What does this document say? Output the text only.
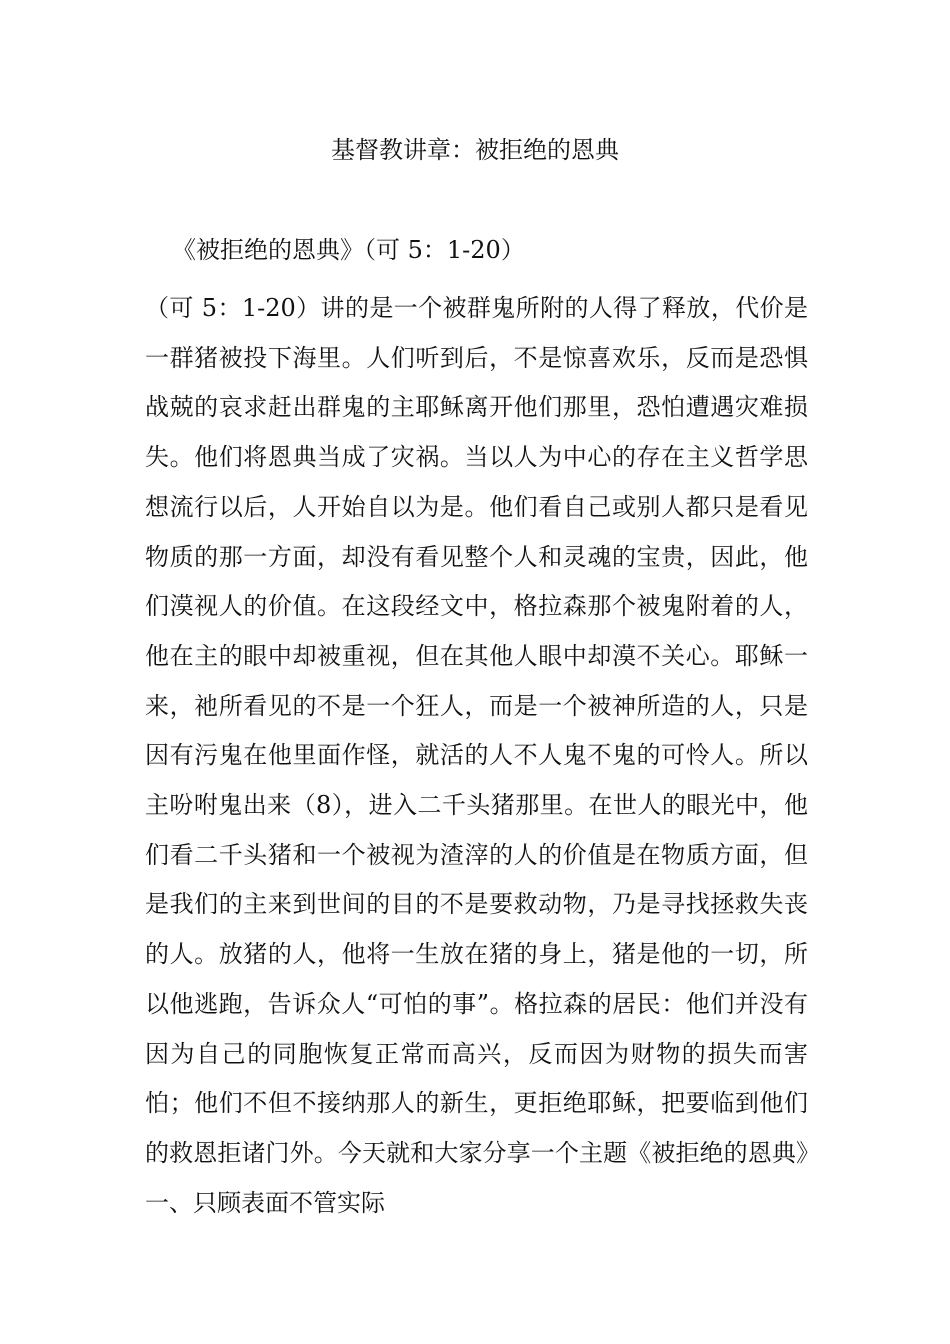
基督教讲章：被拒绝的恩典

《被拒绝的恩典》（可 5：1-20）

（可 5：1-20）讲的是一个被群鬼所附的人得了释放，代价是一群猪被投下海里。人们听到后，不是惊喜欢乐，反而是恐惧战兢的哀求赶出群鬼的主耶稣离开他们那里，恐怕遭遇灾难损失。他们将恩典当成了灾祸。当以人为中心的存在主义哲学思想流行以后，人开始自以为是。他们看自己或别人都只是看见物质的那一方面，却没有看见整个人和灵魂的宝贵，因此，他们漠视人的价值。在这段经文中，格拉森那个被鬼附着的人，他在主的眼中却被重视，但在其他人眼中却漠不关心。耶稣一来，祂所看见的不是一个狂人，而是一个被神所造的人，只是因有污鬼在他里面作怪，就活的人不人鬼不鬼的可怜人。所以主吩咐鬼出来（8），进入二千头猪那里。在世人的眼光中，他们看二千头猪和一个被视为渣滓的人的价值是在物质方面，但是我们的主来到世间的目的不是要救动物，乃是寻找拯救失丧的人。放猪的人，他将一生放在猪的身上，猪是他的一切，所以他逃跑，告诉众人“可怕的事”。格拉森的居民：他们并没有因为自己的同胞恢复正常而高兴，反而因为财物的损失而害怕；他们不但不接纳那人的新生，更拒绝耶稣，把要临到他们的救恩拒诸门外。今天就和大家分享一个主题《被拒绝的恩典》一、只顾表面不管实际
